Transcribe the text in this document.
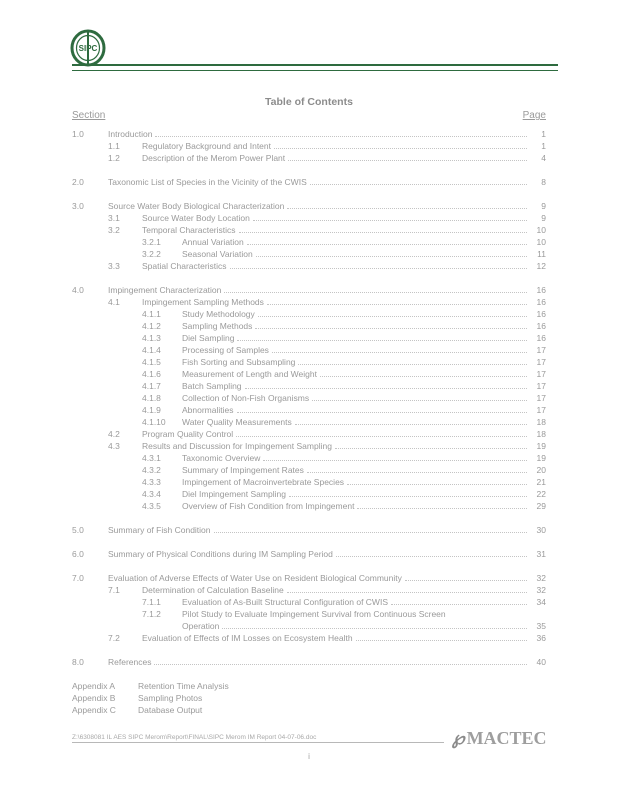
SIPC
Table of Contents
Section	Page
1.0	Introduction	1
1.1	Regulatory Background and Intent	1
1.2	Description of the Merom Power Plant	4
2.0	Taxonomic List of Species in the Vicinity of the CWIS	8
3.0	Source Water Body Biological Characterization	9
3.1	Source Water Body Location	9
3.2	Temporal Characteristics	10
3.2.1 Annual Variation	10
3.2.2 Seasonal Variation	11
3.3	Spatial Characteristics	12
4.0	Impingement Characterization	16
4.1	Impingement Sampling Methods	16
4.1.1 Study Methodology	16
4.1.2 Sampling Methods	16
4.1.3 Diel Sampling	16
4.1.4 Processing of Samples	17
4.1.5 Fish Sorting and Subsampling	17
4.1.6 Measurement of Length and Weight	17
4.1.7 Batch Sampling	17
4.1.8 Collection of Non-Fish Organisms	17
4.1.9 Abnormalities	17
4.1.10 Water Quality Measurements	18
4.2	Program Quality Control	18
4.3	Results and Discussion for Impingement Sampling	19
4.3.1 Taxonomic Overview	19
4.3.2 Summary of Impingement Rates	20
4.3.3 Impingement of Macroinvertebrate Species	21
4.3.4 Diel Impingement Sampling	22
4.3.5 Overview of Fish Condition from Impingement	29
5.0	Summary of Fish Condition	30
6.0	Summary of Physical Conditions during IM Sampling Period	31
7.0	Evaluation of Adverse Effects of Water Use on Resident Biological Community	32
7.1	Determination of Calculation Baseline	32
7.1.1 Evaluation of As-Built Structural Configuration of CWIS	34
7.1.2 Pilot Study to Evaluate Impingement Survival from Continuous Screen
Operation	35
7.2	Evaluation of Effects of IM Losses on Ecosystem Health	36
8.0	References	40
Appendix A	Retention Time Analysis
Appendix B	Sampling Photos
Appendix C	Database Output
Z:\6308081 IL AES SIPC Merom\Report\FINAL\SIPC Merom IM Report 04-07-06.doc	℘ MACTEC
i
